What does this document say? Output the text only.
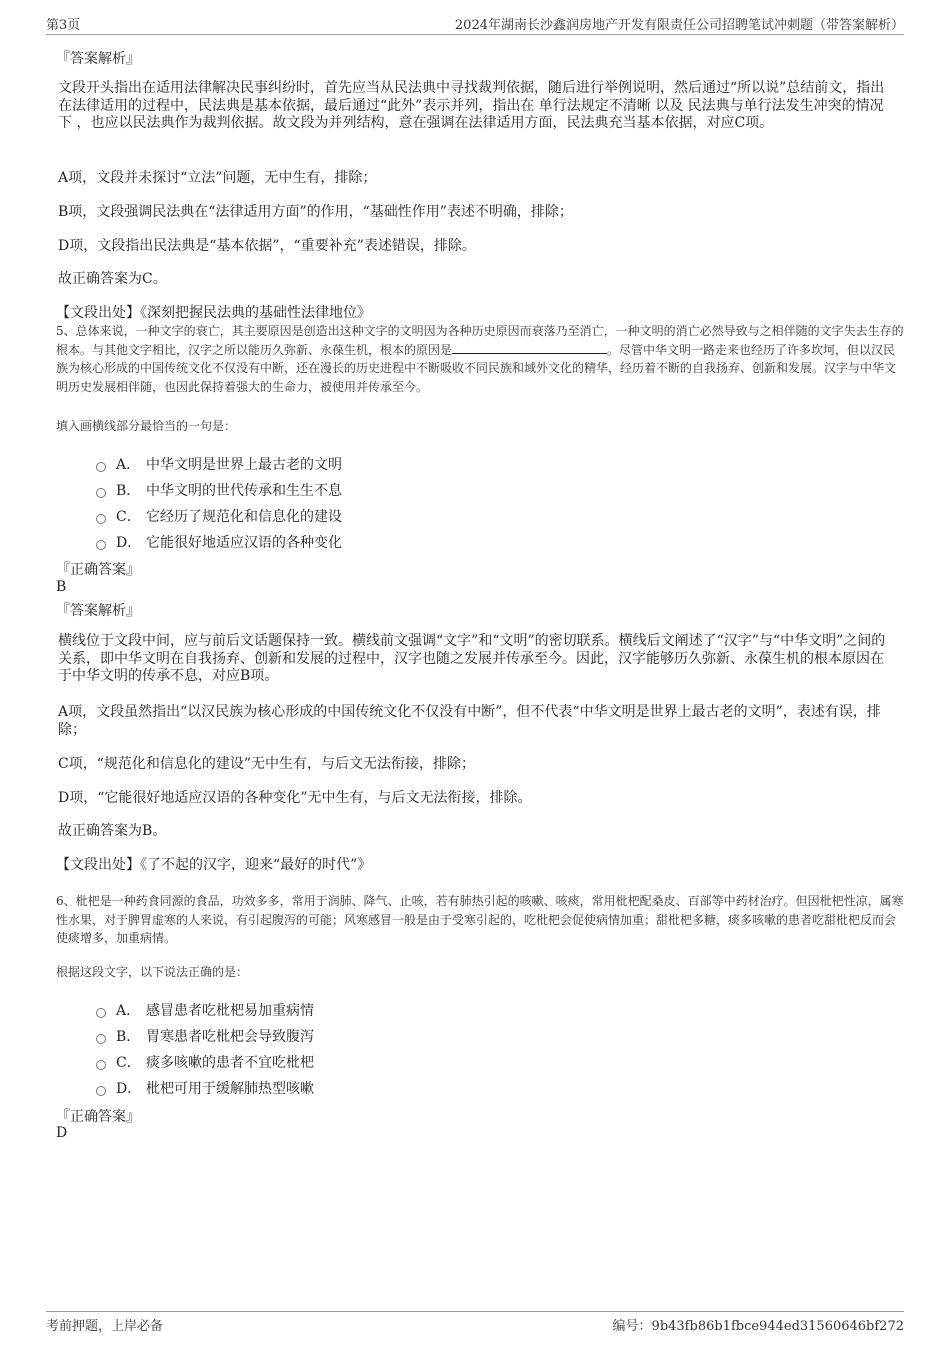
第3页	2024年湖南长沙鑫润房地产开发有限责任公司招聘笔试冲刺题（带答案解析）
『答案解析』

文段开头指出在适用法律解决民事纠纷时，首先应当从民法典中寻找裁判依据，随后进行举例说明，然后通过“所以说”总结前文，指出在法律适用的过程中，民法典是基本依据，最后通过“此外”表示并列，指出在 单行法规定不清晰 以及 民法典与单行法发生冲突的情况下 ，也应以民法典作为裁判依据。故文段为并列结构，意在强调在法律适用方面，民法典充当基本依据，对应C项。

A项，文段并未探讨“立法”问题，无中生有，排除；

B项，文段强调民法典在“法律适用方面”的作用，“基础性作用”表述不明确，排除；

D项，文段指出民法典是“基本依据”，“重要补充”表述错误，排除。

故正确答案为C。

【文段出处】《深刻把握民法典的基础性法律地位》

5、总体来说，一种文字的衰亡，其主要原因是创造出这种文字的文明因为各种历史原因而衰落乃至消亡，一种文明的消亡必然导致与之相伴随的文字失去生存的根本。与其他文字相比，汉字之所以能历久弥新、永葆生机，根本的原因是	。尽管中华文明一路走来也经历了许多坎坷，但以汉民族为核心形成的中国传统文化不仅没有中断，还在漫长的历史进程中不断吸收不同民族和域外文化的精华，经历着不断的自我扬弃、创新和发展。汉字与中华文明历史发展相伴随，也因此保持着强大的生命力，被使用并传承至今。

填入画横线部分最恰当的一句是：

A． 中华文明是世界上最古老的文明
B． 中华文明的世代传承和生生不息
C． 它经历了规范化和信息化的建设
D． 它能很好地适应汉语的各种变化
『正确答案』
B
『答案解析』

横线位于文段中间，应与前后文话题保持一致。横线前文强调“文字”和“文明”的密切联系。横线后文阐述了“汉字”与“中华文明”之间的关系，即中华文明在自我扬弃、创新和发展的过程中，汉字也随之发展并传承至今。因此，汉字能够历久弥新、永葆生机的根本原因在于中华文明的传承不息，对应B项。

A项，文段虽然指出“以汉民族为核心形成的中国传统文化不仅没有中断”，但不代表“中华文明是世界上最古老的文明”，表述有误，排除；

C项，“规范化和信息化的建设”无中生有，与后文无法衔接，排除；

D项，“它能很好地适应汉语的各种变化”无中生有，与后文无法衔接，排除。

故正确答案为B。

【文段出处】《了不起的汉字，迎来“最好的时代”》

6、枇杷是一种药食同源的食品，功效多多，常用于润肺、降气、止咳，若有肺热引起的咳嗽、咳痰，常用枇杷配桑皮、百部等中药材治疗。但因枇杷性凉，属寒性水果，对于脾胃虚寒的人来说，有引起腹泻的可能；风寒感冒一般是由于受寒引起的，吃枇杷会促使病情加重；甜枇杷多糖，痰多咳嗽的患者吃甜枇杷反而会使痰增多，加重病情。

根据这段文字，以下说法正确的是：

A． 感冒患者吃枇杷易加重病情
B． 胃寒患者吃枇杷会导致腹泻
C． 痰多咳嗽的患者不宜吃枇杷
D． 枇杷可用于缓解肺热型咳嗽
『正确答案』
D
考前押题，上岸必备	编号：9b43fb86b1fbce944ed31560646bf272
